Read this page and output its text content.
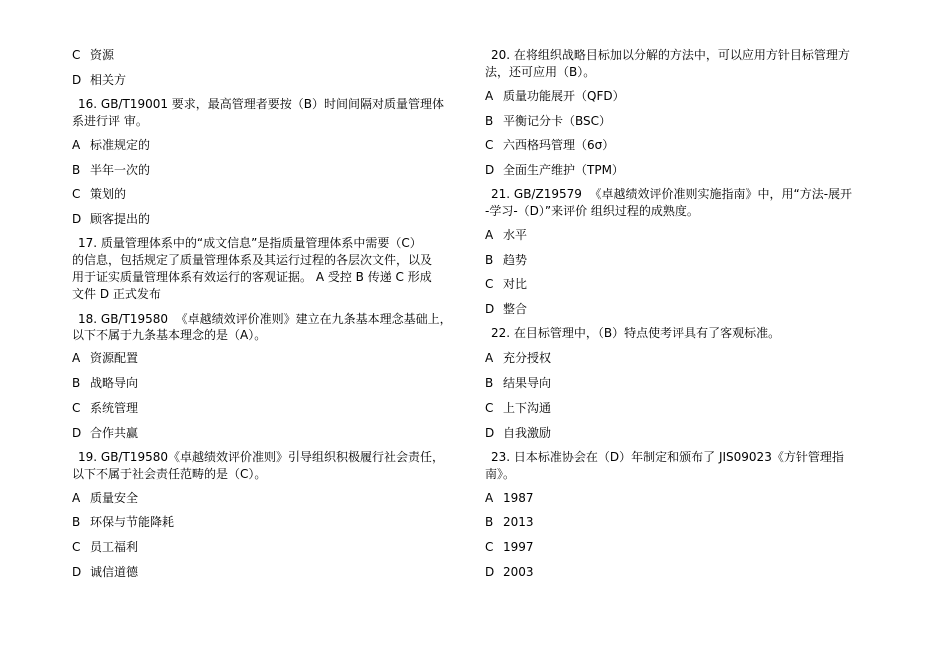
C 资源
D 相关方
16. GB/T19001 要求，最高管理者要按（B）时间间隔对质量管理体
系进行评 审。
A 标准规定的
B 半年一次的
C 策划的
D 顾客提出的
17. 质量管理体系中的“成文信息”是指质量管理体系中需要（C）
的信息，包括规定了质量管理体系及其运行过程的各层次文件，以及
用于证实质量管理体系有效运行的客观证据。 A 受控 B 传递 C 形成
文件 D 正式发布
18. GB/T19580  《卓越绩效评价准则》建立在九条基本理念基础上，
以下不属于九条基本理念的是（A）。
A 资源配置
B 战略导向
C 系统管理
D 合作共赢
19. GB/T19580《卓越绩效评价准则》引导组织积极履行社会责任，
以下不属于社会责任范畴的是（C）。
A 质量安全
B 环保与节能降耗
C 员工福利
D 诚信道德
20. 在将组织战略目标加以分解的方法中，可以应用方针目标管理方
法，还可应用（B）。
A 质量功能展开（QFD）
B 平衡记分卡（BSC）
C 六西格玛管理（6σ）
D 全面生产维护（TPM）
21. GB/Z19579  《卓越绩效评价准则实施指南》中，用“方法-展开
-学习-（D）”来评价 组织过程的成熟度。
A 水平
B 趋势
C 对比
D 整合
22. 在目标管理中，（B）特点使考评具有了客观标准。
A 充分授权
B 结果导向
C 上下沟通
D 自我激励
23. 日本标准协会在（D）年制定和颁布了 JIS09023《方针管理指
南》。
A 1987
B 2013
C 1997
D 2003
